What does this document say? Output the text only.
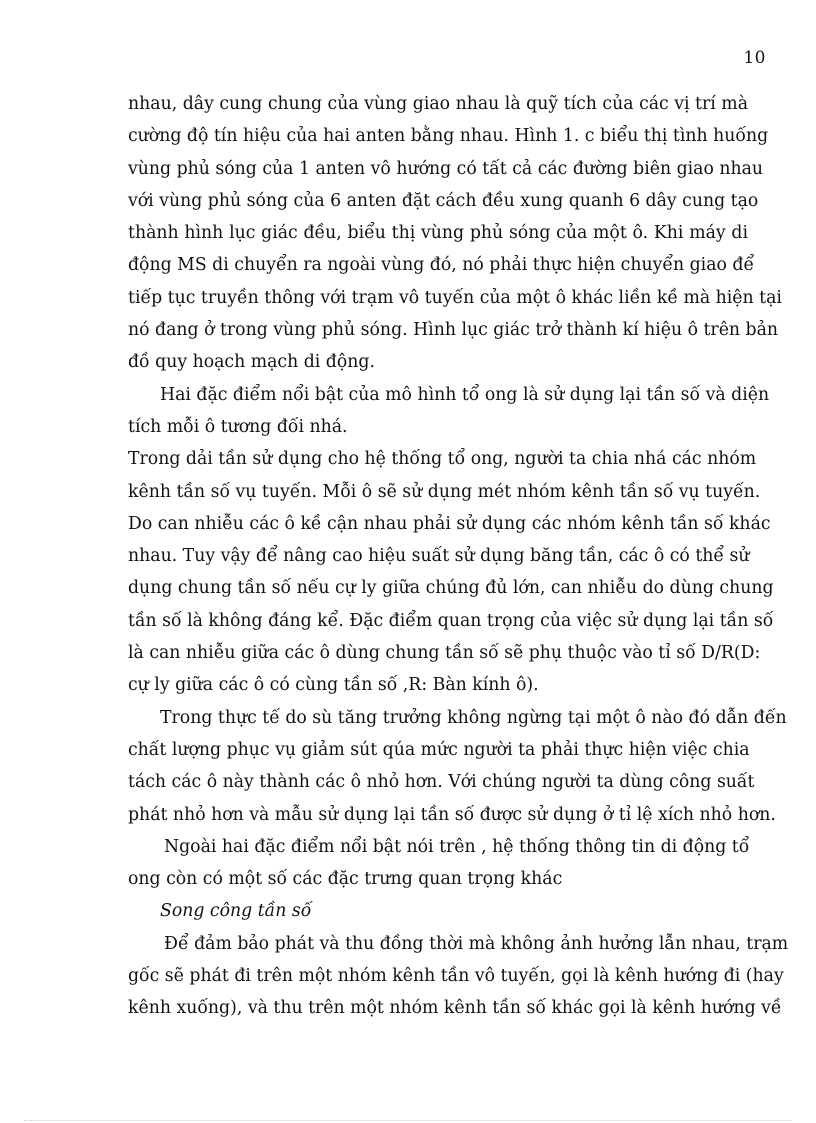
10
nhau, dây cung chung của vùng giao nhau là quỹ tích của các vị trí mà
cường độ tín hiệu của hai anten bằng nhau. Hình 1. c biểu thị tình huống
vùng phủ sóng của 1 anten vô hướng có tất cả các đường biên giao nhau
với vùng phủ sóng của 6 anten đặt cách đều xung quanh 6 dây cung tạo
thành hình lục giác đều, biểu thị vùng phủ sóng của một ô. Khi máy di
động MS di chuyển ra ngoài vùng đó, nó phải thực hiện chuyển giao để
tiếp tục truyền thông với trạm vô tuyến của một ô khác liền kề mà hiện tại
nó đang ở trong vùng phủ sóng. Hình lục giác trở thành kí hiệu ô trên bản
đồ quy hoạch mạch di động.
Hai đặc điểm nổi bật của mô hình tổ ong là sử dụng lại tần số và diện
tích mỗi ô tương đối nhá.
Trong dải tần sử dụng cho hệ thống tổ ong, người ta chia nhá các nhóm
kênh tần số vụ tuyến. Mỗi ô sẽ sử dụng mét nhóm kênh tần số vụ tuyến.
Do can nhiễu các ô kề cận nhau phải sử dụng các nhóm kênh tần số khác
nhau. Tuy vậy để nâng cao hiệu suất sử dụng băng tần, các ô có thể sử
dụng chung tần số nếu cự ly giữa chúng đủ lớn, can nhiễu do dùng chung
tần số là không đáng kể. Đặc điểm quan trọng của việc sử dụng lại tần số
là can nhiễu giữa các ô dùng chung tần số sẽ phụ thuộc vào tỉ số D/R(D:
cự ly giữa các ô có cùng tần số ,R: Bàn kính ô).
Trong thực tế do sù tăng trưởng không ngừng tại một ô nào đó dẫn đến
chất lượng phục vụ giảm sút qúa mức người ta phải thực hiện việc chia
tách các ô này thành các ô nhỏ hơn. Với chúng người ta dùng công suất
phát nhỏ hơn và mẫu sử dụng lại tần số được sử dụng ở tỉ lệ xích nhỏ hơn.
Ngoài hai đặc điểm nổi bật nói trên , hệ thống thông tin di động tổ
ong còn có một số các đặc trưng quan trọng khác
Song công tần số
Để đảm bảo phát và thu đồng thời mà không ảnh hưởng lẫn nhau, trạm
gốc sẽ phát đi trên một nhóm kênh tần vô tuyến, gọi là kênh hướng đi (hay
kênh xuống), và thu trên một nhóm kênh tần số khác gọi là kênh hướng về
